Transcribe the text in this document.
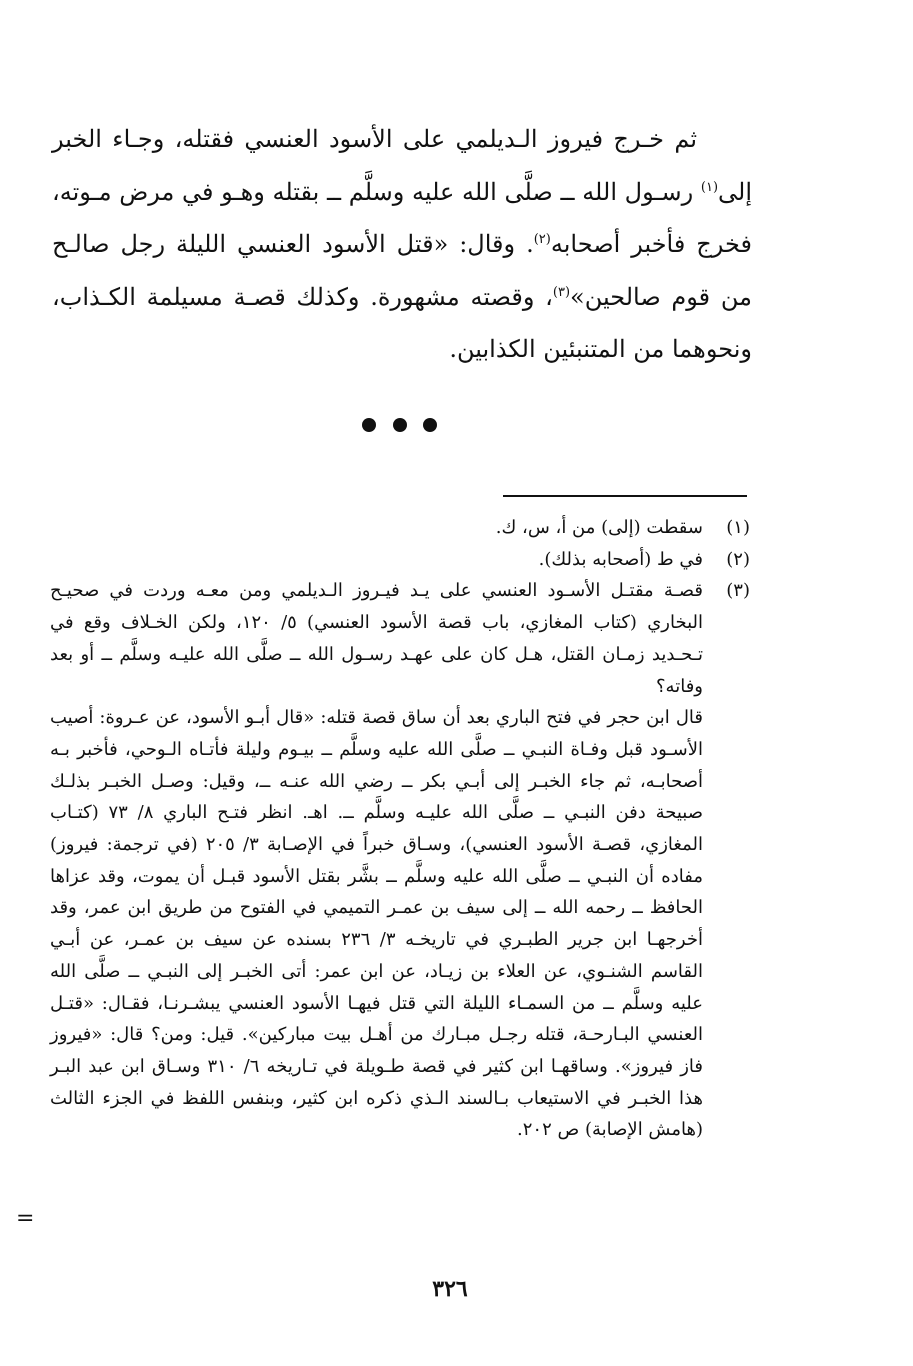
ثم خـرج فيروز الـديلمي على الأسود العنسي فقتله، وجـاء الخبر إلى$^{(١)}$ رسـول الله ــ صلَّى الله عليه وسلَّم ــ بقتله وهـو في مرض مـوته، فخرج فأخبر أصحابه$^{(٢)}$. وقال: «قتل الأسود العنسي الليلة رجل صالـح من قوم صالحين»$^{(٣)}$، وقصته مشهورة. وكذلك قصـة مسيلمة الكـذاب، ونحوهما من المتنبئين الكذابين.

(١)
سقطت (إلى) من أ، س، ك.
(٢)
في ط (أصحابه بذلك).
(٣)

قصـة مقتـل الأسـود العنسي على يـد فيـروز الـديلمي ومن معـه وردت في صحيـح البخاري (كتاب المغازي، باب قصة الأسود العنسي) ٥/ ١٢٠، ولكن الخـلاف وقع في تـحـديد زمـان القتل، هـل كان على عهـد رسـول الله ــ صلَّى الله عليـه وسلَّم ــ أو بعد وفاته؟

قال ابن حجر في فتح الباري بعد أن ساق قصة قتله: «قال أبـو الأسود، عن عـروة: أصيب الأسـود قبل وفـاة النبـي ــ صلَّى الله عليه وسلَّم ــ بيـوم وليلة فأتـاه الـوحي، فأخبر بـه أصحابـه، ثم جاء الخبـر إلى أبـي بكر ــ رضي الله عنـه ــ، وقيل: وصـل الخبـر بذلـك صبيحة دفن النبـي ــ صلَّى الله عليـه وسلَّم ــ. اهـ. انظر فتـح الباري ٨/ ٧٣ (كتـاب المغازي، قصـة الأسود العنسي)، وسـاق خبراً في الإصـابة ٣/ ٢٠٥ (في ترجمة: فيروز) مفاده أن النبـي ــ صلَّى الله عليه وسلَّم ــ بشَّر بقتل الأسود قبـل أن يموت، وقد عزاها الحافظ ــ رحمه الله ــ إلى سيف بن عمـر التميمي في الفتوح من طريق ابن عمر، وقد أخرجهـا ابن جرير الطبـري في تاريخـه ٣/ ٢٣٦ بسنده عن سيف بن عمـر، عن أبـي القاسم الشنـوي، عن العلاء بن زيـاد، عن ابن عمر: أتى الخبـر إلى النبـي ــ صلَّى الله عليه وسلَّم ــ من السمـاء الليلة التي قتل فيهـا الأسود العنسي يبشـرنـا، فقـال: «قتـل العنسي البـارحـة، قتله رجـل مبـارك من أهـل بيت مباركين». قيل: ومن؟ قال: «فيروز فاز فيروز». وساقهـا ابن كثير في قصة طـويلة في تـاريخه ٦/ ٣١٠ وسـاق ابن عبد البـر هذا الخبـر في الاستيعاب بـالسند الـذي ذكره ابن كثير، وبنفس اللفظ في الجزء الثالث (هامش الإصابة) ص ٢٠٢.

=
٣٢٦
